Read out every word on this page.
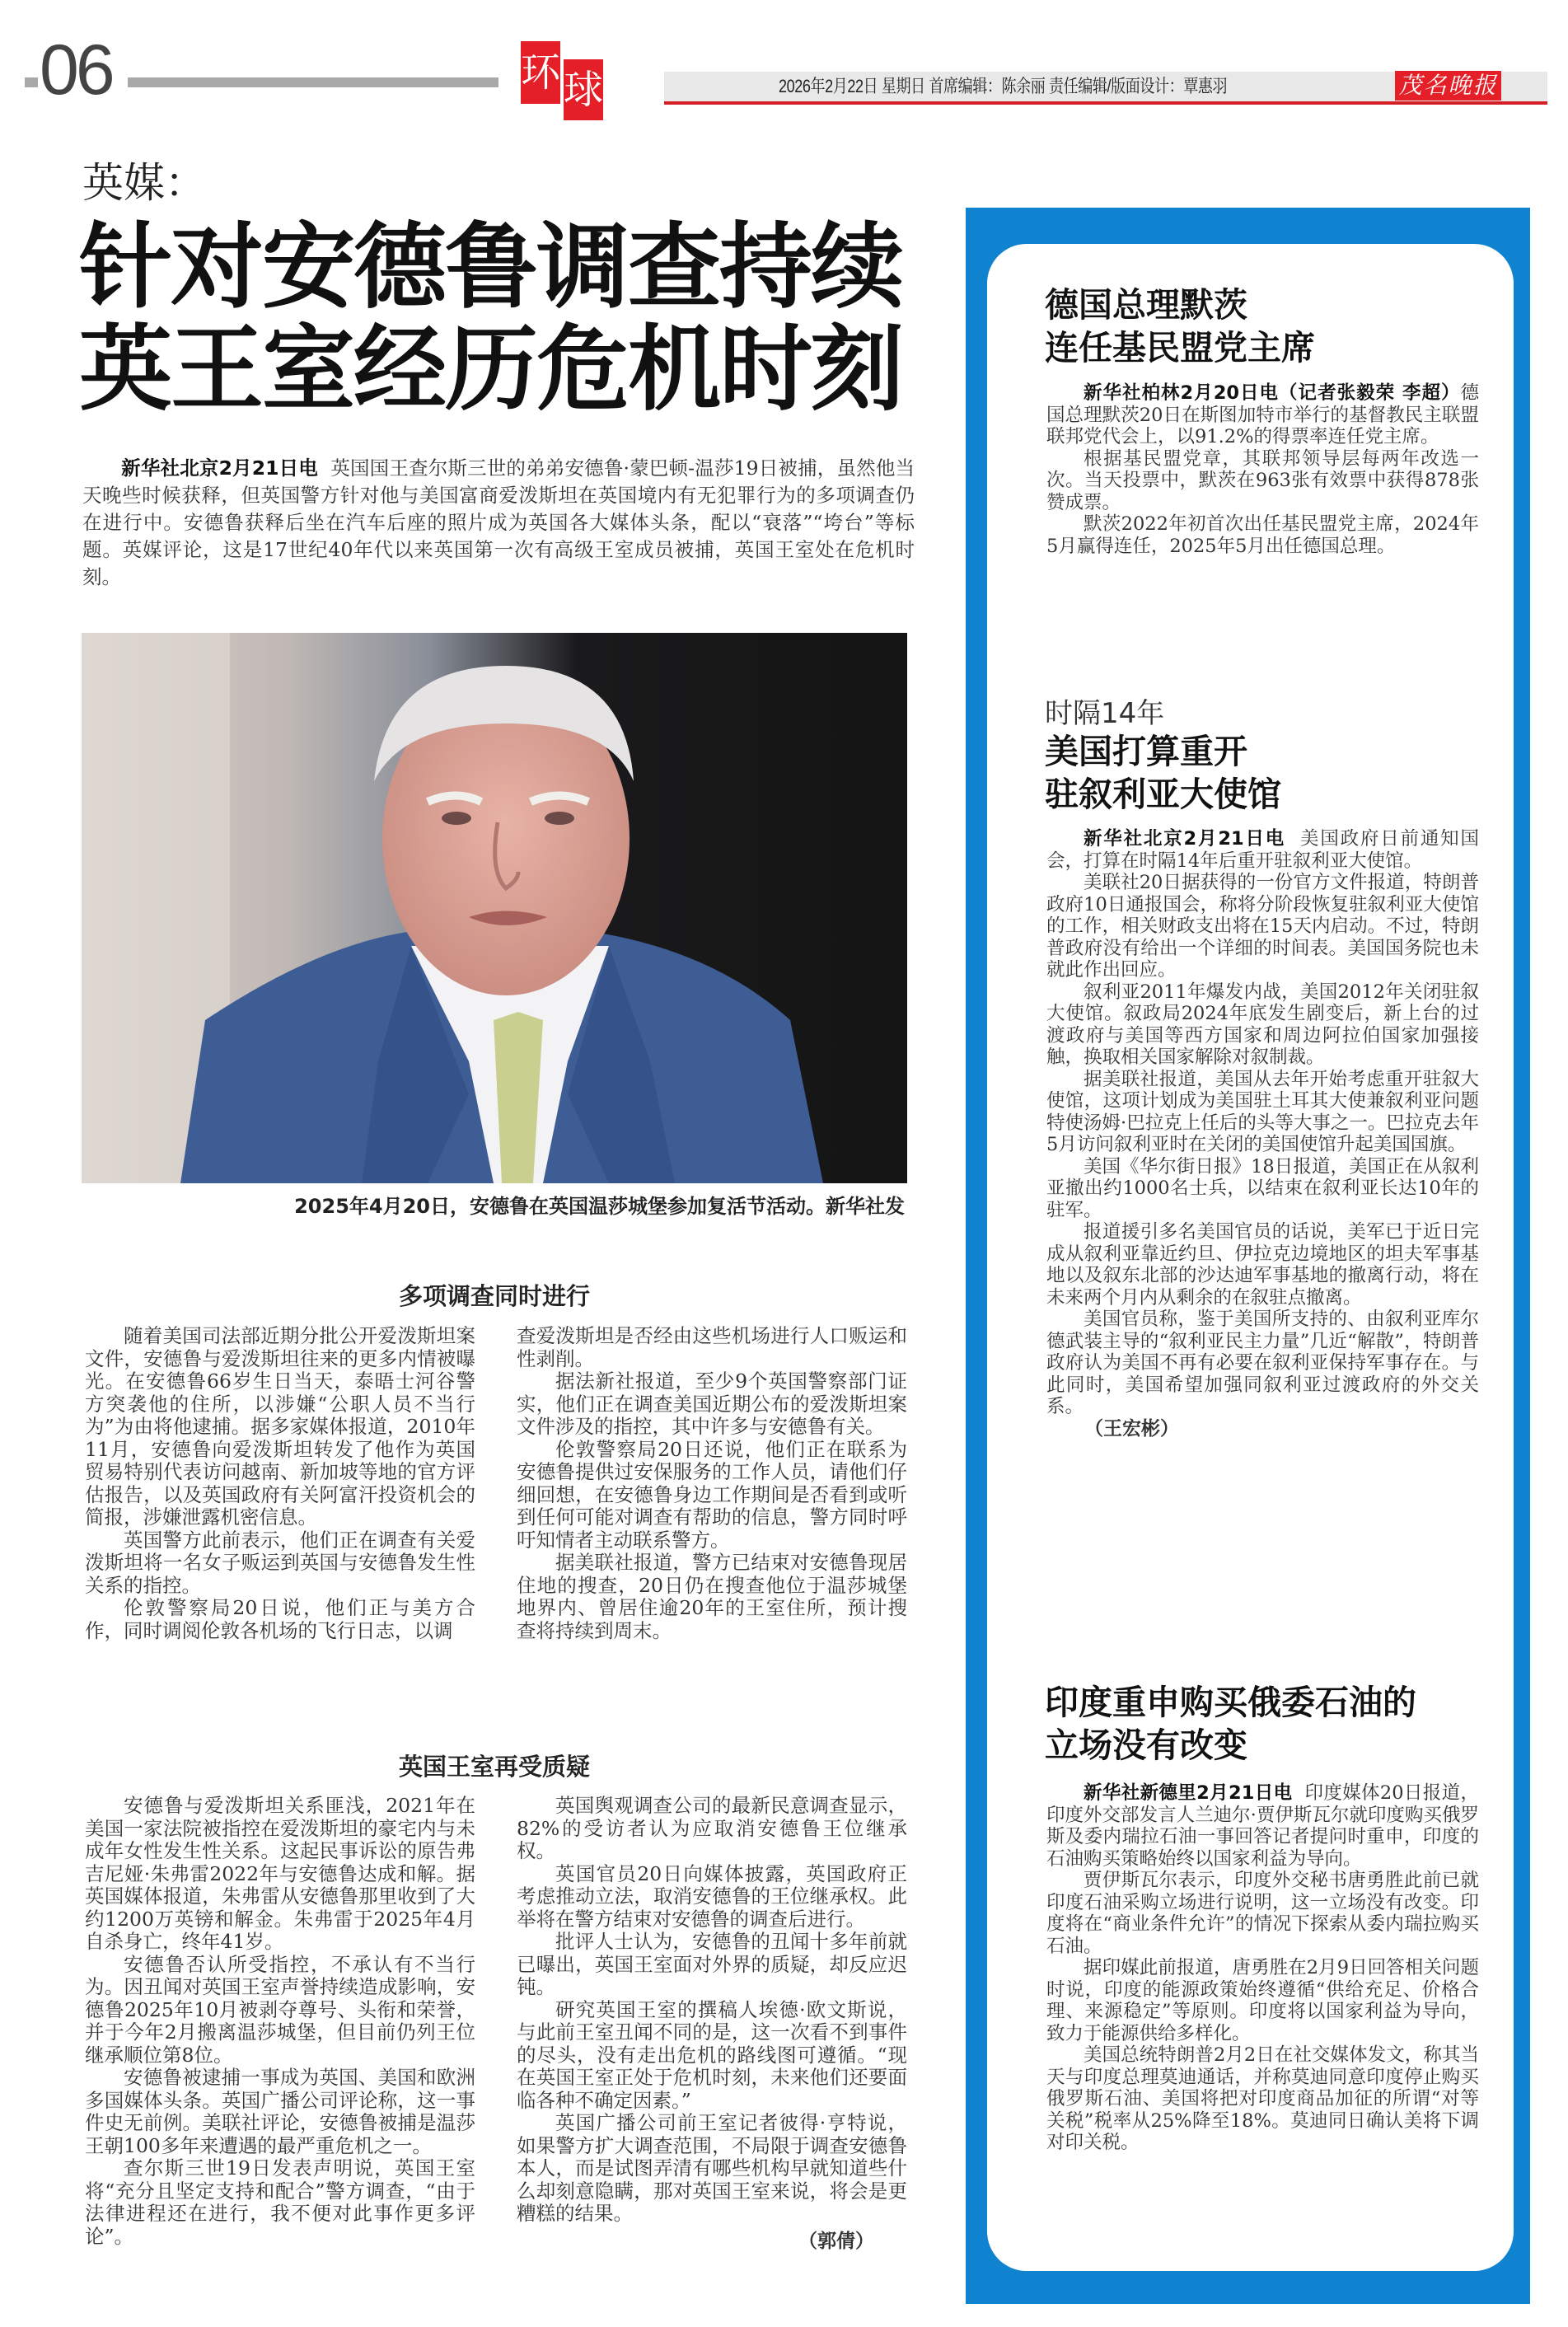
06	环 球	2026年2月22日 星期日 首席编辑：陈余丽 责任编辑/版面设计：覃惠羽	茂名晚报
英媒：
针对安德鲁调查持续
英王室经历危机时刻
新华社北京2月21日电 英国国王查尔斯三世的弟弟安德鲁·蒙巴顿-温莎19日被捕，虽然他当天晚些时候获释，但英国警方针对他与美国富商爱泼斯坦在英国境内有无犯罪行为的多项调查仍在进行中。安德鲁获释后坐在汽车后座的照片成为英国各大媒体头条，配以“衰落”“垮台”等标题。英媒评论，这是17世纪40年代以来英国第一次有高级王室成员被捕，英国王室处在危机时刻。
2025年4月20日，安德鲁在英国温莎城堡参加复活节活动。新华社发
多项调查同时进行

随着美国司法部近期分批公开爱泼斯坦案文件，安德鲁与爱泼斯坦往来的更多内情被曝光。在安德鲁66岁生日当天，泰晤士河谷警方突袭他的住所，以涉嫌“公职人员不当行为”为由将他逮捕。据多家媒体报道，2010年11月，安德鲁向爱泼斯坦转发了他作为英国贸易特别代表访问越南、新加坡等地的官方评估报告，以及英国政府有关阿富汗投资机会的简报，涉嫌泄露机密信息。

英国警方此前表示，他们正在调查有关爱泼斯坦将一名女子贩运到英国与安德鲁发生性关系的指控。

伦敦警察局20日说，他们正与美方合作，同时调阅伦敦各机场的飞行日志，以调

查爱泼斯坦是否经由这些机场进行人口贩运和性剥削。

据法新社报道，至少9个英国警察部门证实，他们正在调查美国近期公布的爱泼斯坦案文件涉及的指控，其中许多与安德鲁有关。

伦敦警察局20日还说，他们正在联系为安德鲁提供过安保服务的工作人员，请他们仔细回想，在安德鲁身边工作期间是否看到或听到任何可能对调查有帮助的信息，警方同时呼吁知情者主动联系警方。

据美联社报道，警方已结束对安德鲁现居住地的搜查，20日仍在搜查他位于温莎城堡地界内、曾居住逾20年的王室住所，预计搜查将持续到周末。

英国王室再受质疑

安德鲁与爱泼斯坦关系匪浅，2021年在美国一家法院被指控在爱泼斯坦的豪宅内与未成年女性发生性关系。这起民事诉讼的原告弗吉尼娅·朱弗雷2022年与安德鲁达成和解。据英国媒体报道，朱弗雷从安德鲁那里收到了大约1200万英镑和解金。朱弗雷于2025年4月自杀身亡，终年41岁。

安德鲁否认所受指控，不承认有不当行为。因丑闻对英国王室声誉持续造成影响，安德鲁2025年10月被剥夺尊号、头衔和荣誉，并于今年2月搬离温莎城堡，但目前仍列王位继承顺位第8位。

安德鲁被逮捕一事成为英国、美国和欧洲多国媒体头条。英国广播公司评论称，这一事件史无前例。美联社评论，安德鲁被捕是温莎王朝100多年来遭遇的最严重危机之一。

查尔斯三世19日发表声明说，英国王室将“充分且坚定支持和配合”警方调查，“由于法律进程还在进行，我不便对此事作更多评论”。

英国舆观调查公司的最新民意调查显示，82%的受访者认为应取消安德鲁王位继承权。

英国官员20日向媒体披露，英国政府正考虑推动立法，取消安德鲁的王位继承权。此举将在警方结束对安德鲁的调查后进行。

批评人士认为，安德鲁的丑闻十多年前就已曝出，英国王室面对外界的质疑，却反应迟钝。

研究英国王室的撰稿人埃德·欧文斯说，与此前王室丑闻不同的是，这一次看不到事件的尽头，没有走出危机的路线图可遵循。“现在英国王室正处于危机时刻，未来他们还要面临各种不确定因素。”

英国广播公司前王室记者彼得·亨特说，如果警方扩大调查范围，不局限于调查安德鲁本人，而是试图弄清有哪些机构早就知道些什么却刻意隐瞒，那对英国王室来说，将会是更糟糕的结果。

（郭倩）
德国总理默茨
连任基民盟党主席

新华社柏林2月20日电（记者张毅荣 李超）德国总理默茨20日在斯图加特市举行的基督教民主联盟联邦党代会上，以91.2%的得票率连任党主席。

根据基民盟党章，其联邦领导层每两年改选一次。当天投票中，默茨在963张有效票中获得878张赞成票。

默茨2022年初首次出任基民盟党主席，2024年5月赢得连任，2025年5月出任德国总理。

时隔14年
美国打算重开
驻叙利亚大使馆

新华社北京2月21日电 美国政府日前通知国会，打算在时隔14年后重开驻叙利亚大使馆。

美联社20日据获得的一份官方文件报道，特朗普政府10日通报国会，称将分阶段恢复驻叙利亚大使馆的工作，相关财政支出将在15天内启动。不过，特朗普政府没有给出一个详细的时间表。美国国务院也未就此作出回应。

叙利亚2011年爆发内战，美国2012年关闭驻叙大使馆。叙政局2024年底发生剧变后，新上台的过渡政府与美国等西方国家和周边阿拉伯国家加强接触，换取相关国家解除对叙制裁。

据美联社报道，美国从去年开始考虑重开驻叙大使馆，这项计划成为美国驻土耳其大使兼叙利亚问题特使汤姆·巴拉克上任后的头等大事之一。巴拉克去年5月访问叙利亚时在关闭的美国使馆升起美国国旗。

美国《华尔街日报》18日报道，美国正在从叙利亚撤出约1000名士兵，以结束在叙利亚长达10年的驻军。

报道援引多名美国官员的话说，美军已于近日完成从叙利亚靠近约旦、伊拉克边境地区的坦夫军事基地以及叙东北部的沙达迪军事基地的撤离行动，将在未来两个月内从剩余的在叙驻点撤离。

美国官员称，鉴于美国所支持的、由叙利亚库尔德武装主导的“叙利亚民主力量”几近“解散”，特朗普政府认为美国不再有必要在叙利亚保持军事存在。与此同时，美国希望加强同叙利亚过渡政府的外交关系。

（王宏彬）

印度重申购买俄委石油的
立场没有改变

新华社新德里2月21日电 印度媒体20日报道，印度外交部发言人兰迪尔·贾伊斯瓦尔就印度购买俄罗斯及委内瑞拉石油一事回答记者提问时重申，印度的石油购买策略始终以国家利益为导向。

贾伊斯瓦尔表示，印度外交秘书唐勇胜此前已就印度石油采购立场进行说明，这一立场没有改变。印度将在“商业条件允许”的情况下探索从委内瑞拉购买石油。

据印媒此前报道，唐勇胜在2月9日回答相关问题时说，印度的能源政策始终遵循“供给充足、价格合理、来源稳定”等原则。印度将以国家利益为导向，致力于能源供给多样化。

美国总统特朗普2月2日在社交媒体发文，称其当天与印度总理莫迪通话，并称莫迪同意印度停止购买俄罗斯石油、美国将把对印度商品加征的所谓“对等关税”税率从25%降至18%。莫迪同日确认美将下调对印关税。
